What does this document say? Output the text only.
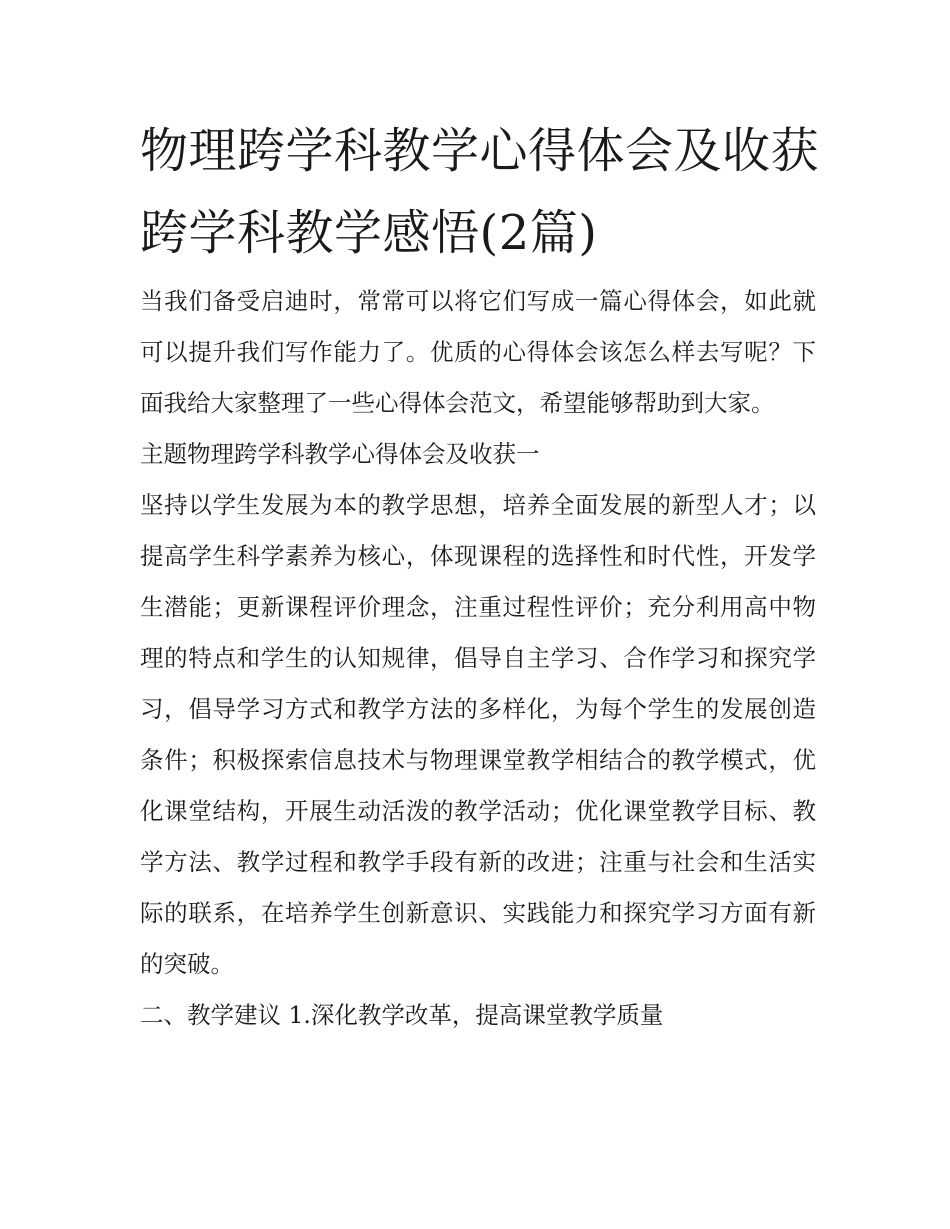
物理跨学科教学心得体会及收获 跨学科教学感悟(2篇)

当我们备受启迪时，常常可以将它们写成一篇心得体会，如此就可以提升我们写作能力了。优质的心得体会该怎么样去写呢？下面我给大家整理了一些心得体会范文，希望能够帮助到大家。

主题物理跨学科教学心得体会及收获一

坚持以学生发展为本的教学思想，培养全面发展的新型人才；以提高学生科学素养为核心，体现课程的选择性和时代性，开发学生潜能；更新课程评价理念，注重过程性评价；充分利用高中物理的特点和学生的认知规律，倡导自主学习、合作学习和探究学习，倡导学习方式和教学方法的多样化，为每个学生的发展创造条件；积极探索信息技术与物理课堂教学相结合的教学模式，优化课堂结构，开展生动活泼的教学活动；优化课堂教学目标、教学方法、教学过程和教学手段有新的改进；注重与社会和生活实际的联系，在培养学生创新意识、实践能力和探究学习方面有新的突破。

二、教学建议 1.深化教学改革，提高课堂教学质量
